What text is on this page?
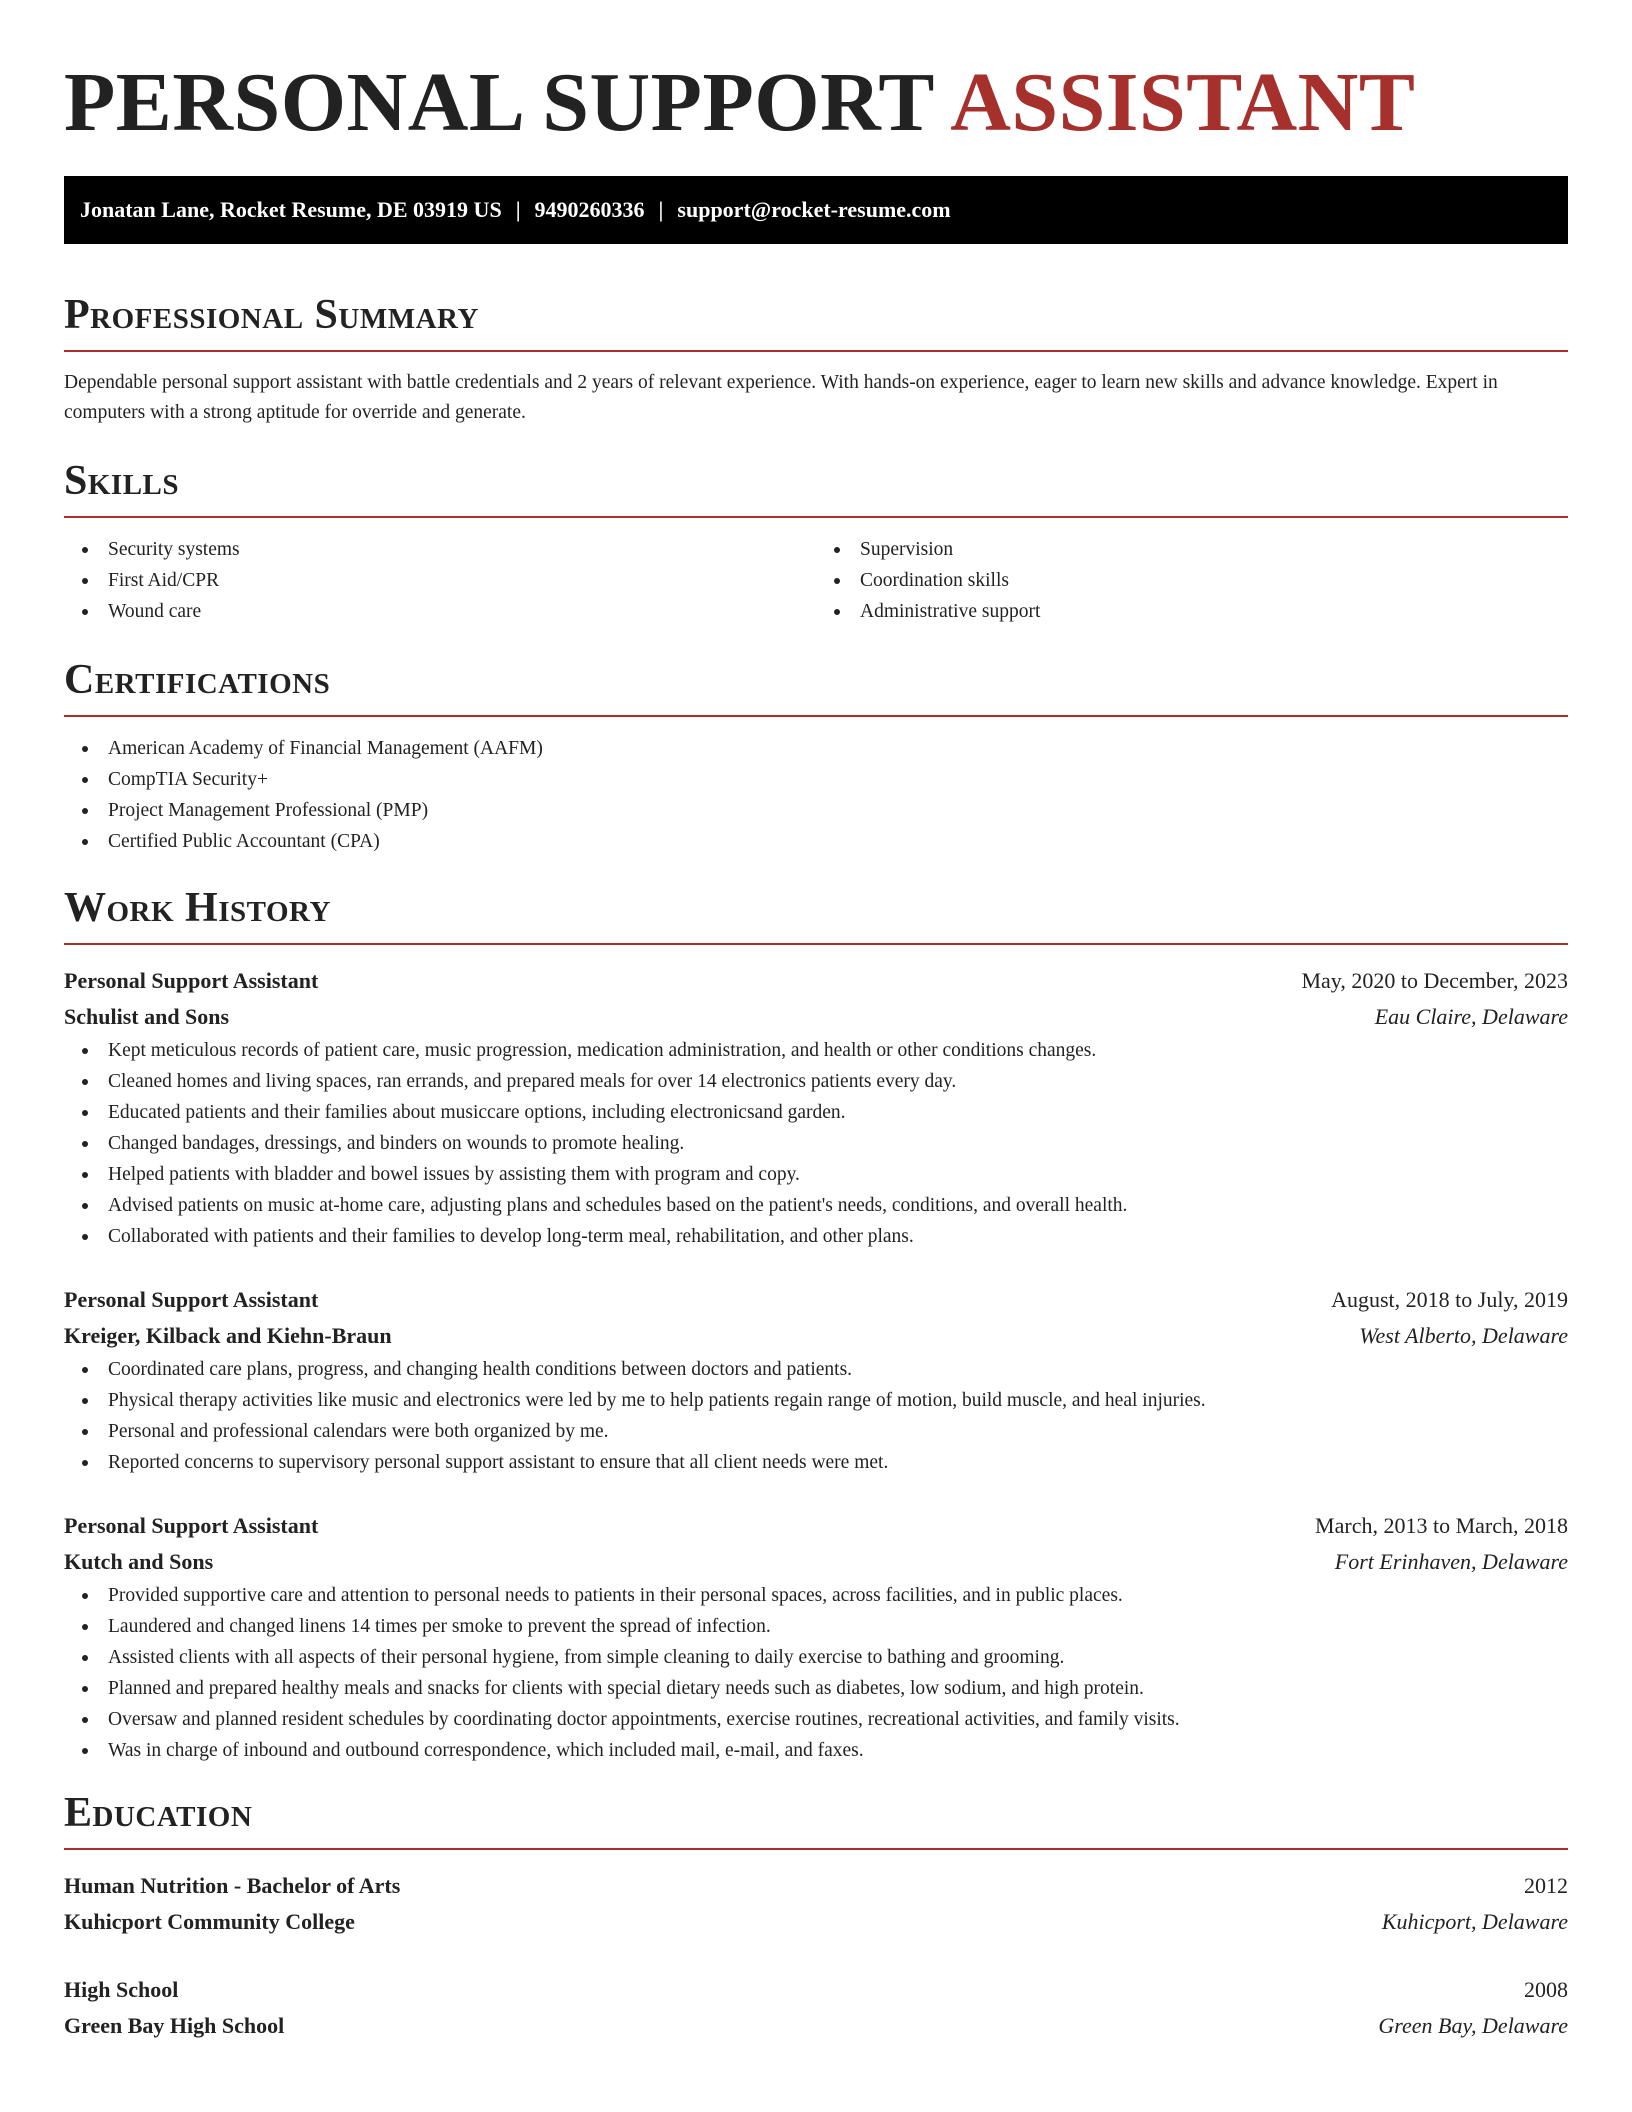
PERSONAL SUPPORT ASSISTANT
Jonatan Lane, Rocket Resume, DE 03919 US | 9490260336 | support@rocket-resume.com
Professional Summary

Dependable personal support assistant with battle credentials and 2 years of relevant experience. With hands-on experience, eager to learn new skills and advance knowledge. Expert in computers with a strong aptitude for override and generate.

Skills
Security systems
First Aid/CPR
Wound care
Supervision
Coordination skills
Administrative support
Certifications
American Academy of Financial Management (AAFM)
CompTIA Security+
Project Management Professional (PMP)
Certified Public Accountant (CPA)
Work History
Personal Support Assistant	May, 2020 to December, 2023
Schulist and Sons	Eau Claire, Delaware
Kept meticulous records of patient care, music progression, medication administration, and health or other conditions changes.
Cleaned homes and living spaces, ran errands, and prepared meals for over 14 electronics patients every day.
Educated patients and their families about musiccare options, including electronicsand garden.
Changed bandages, dressings, and binders on wounds to promote healing.
Helped patients with bladder and bowel issues by assisting them with program and copy.
Advised patients on music at-home care, adjusting plans and schedules based on the patient's needs, conditions, and overall health.
Collaborated with patients and their families to develop long-term meal, rehabilitation, and other plans.
Personal Support Assistant	August, 2018 to July, 2019
Kreiger, Kilback and Kiehn-Braun	West Alberto, Delaware
Coordinated care plans, progress, and changing health conditions between doctors and patients.
Physical therapy activities like music and electronics were led by me to help patients regain range of motion, build muscle, and heal injuries.
Personal and professional calendars were both organized by me.
Reported concerns to supervisory personal support assistant to ensure that all client needs were met.
Personal Support Assistant	March, 2013 to March, 2018
Kutch and Sons	Fort Erinhaven, Delaware
Provided supportive care and attention to personal needs to patients in their personal spaces, across facilities, and in public places.
Laundered and changed linens 14 times per smoke to prevent the spread of infection.
Assisted clients with all aspects of their personal hygiene, from simple cleaning to daily exercise to bathing and grooming.
Planned and prepared healthy meals and snacks for clients with special dietary needs such as diabetes, low sodium, and high protein.
Oversaw and planned resident schedules by coordinating doctor appointments, exercise routines, recreational activities, and family visits.
Was in charge of inbound and outbound correspondence, which included mail, e-mail, and faxes.
Education
Human Nutrition - Bachelor of Arts	2012
Kuhicport Community College	Kuhicport, Delaware
High School	2008
Green Bay High School	Green Bay, Delaware
